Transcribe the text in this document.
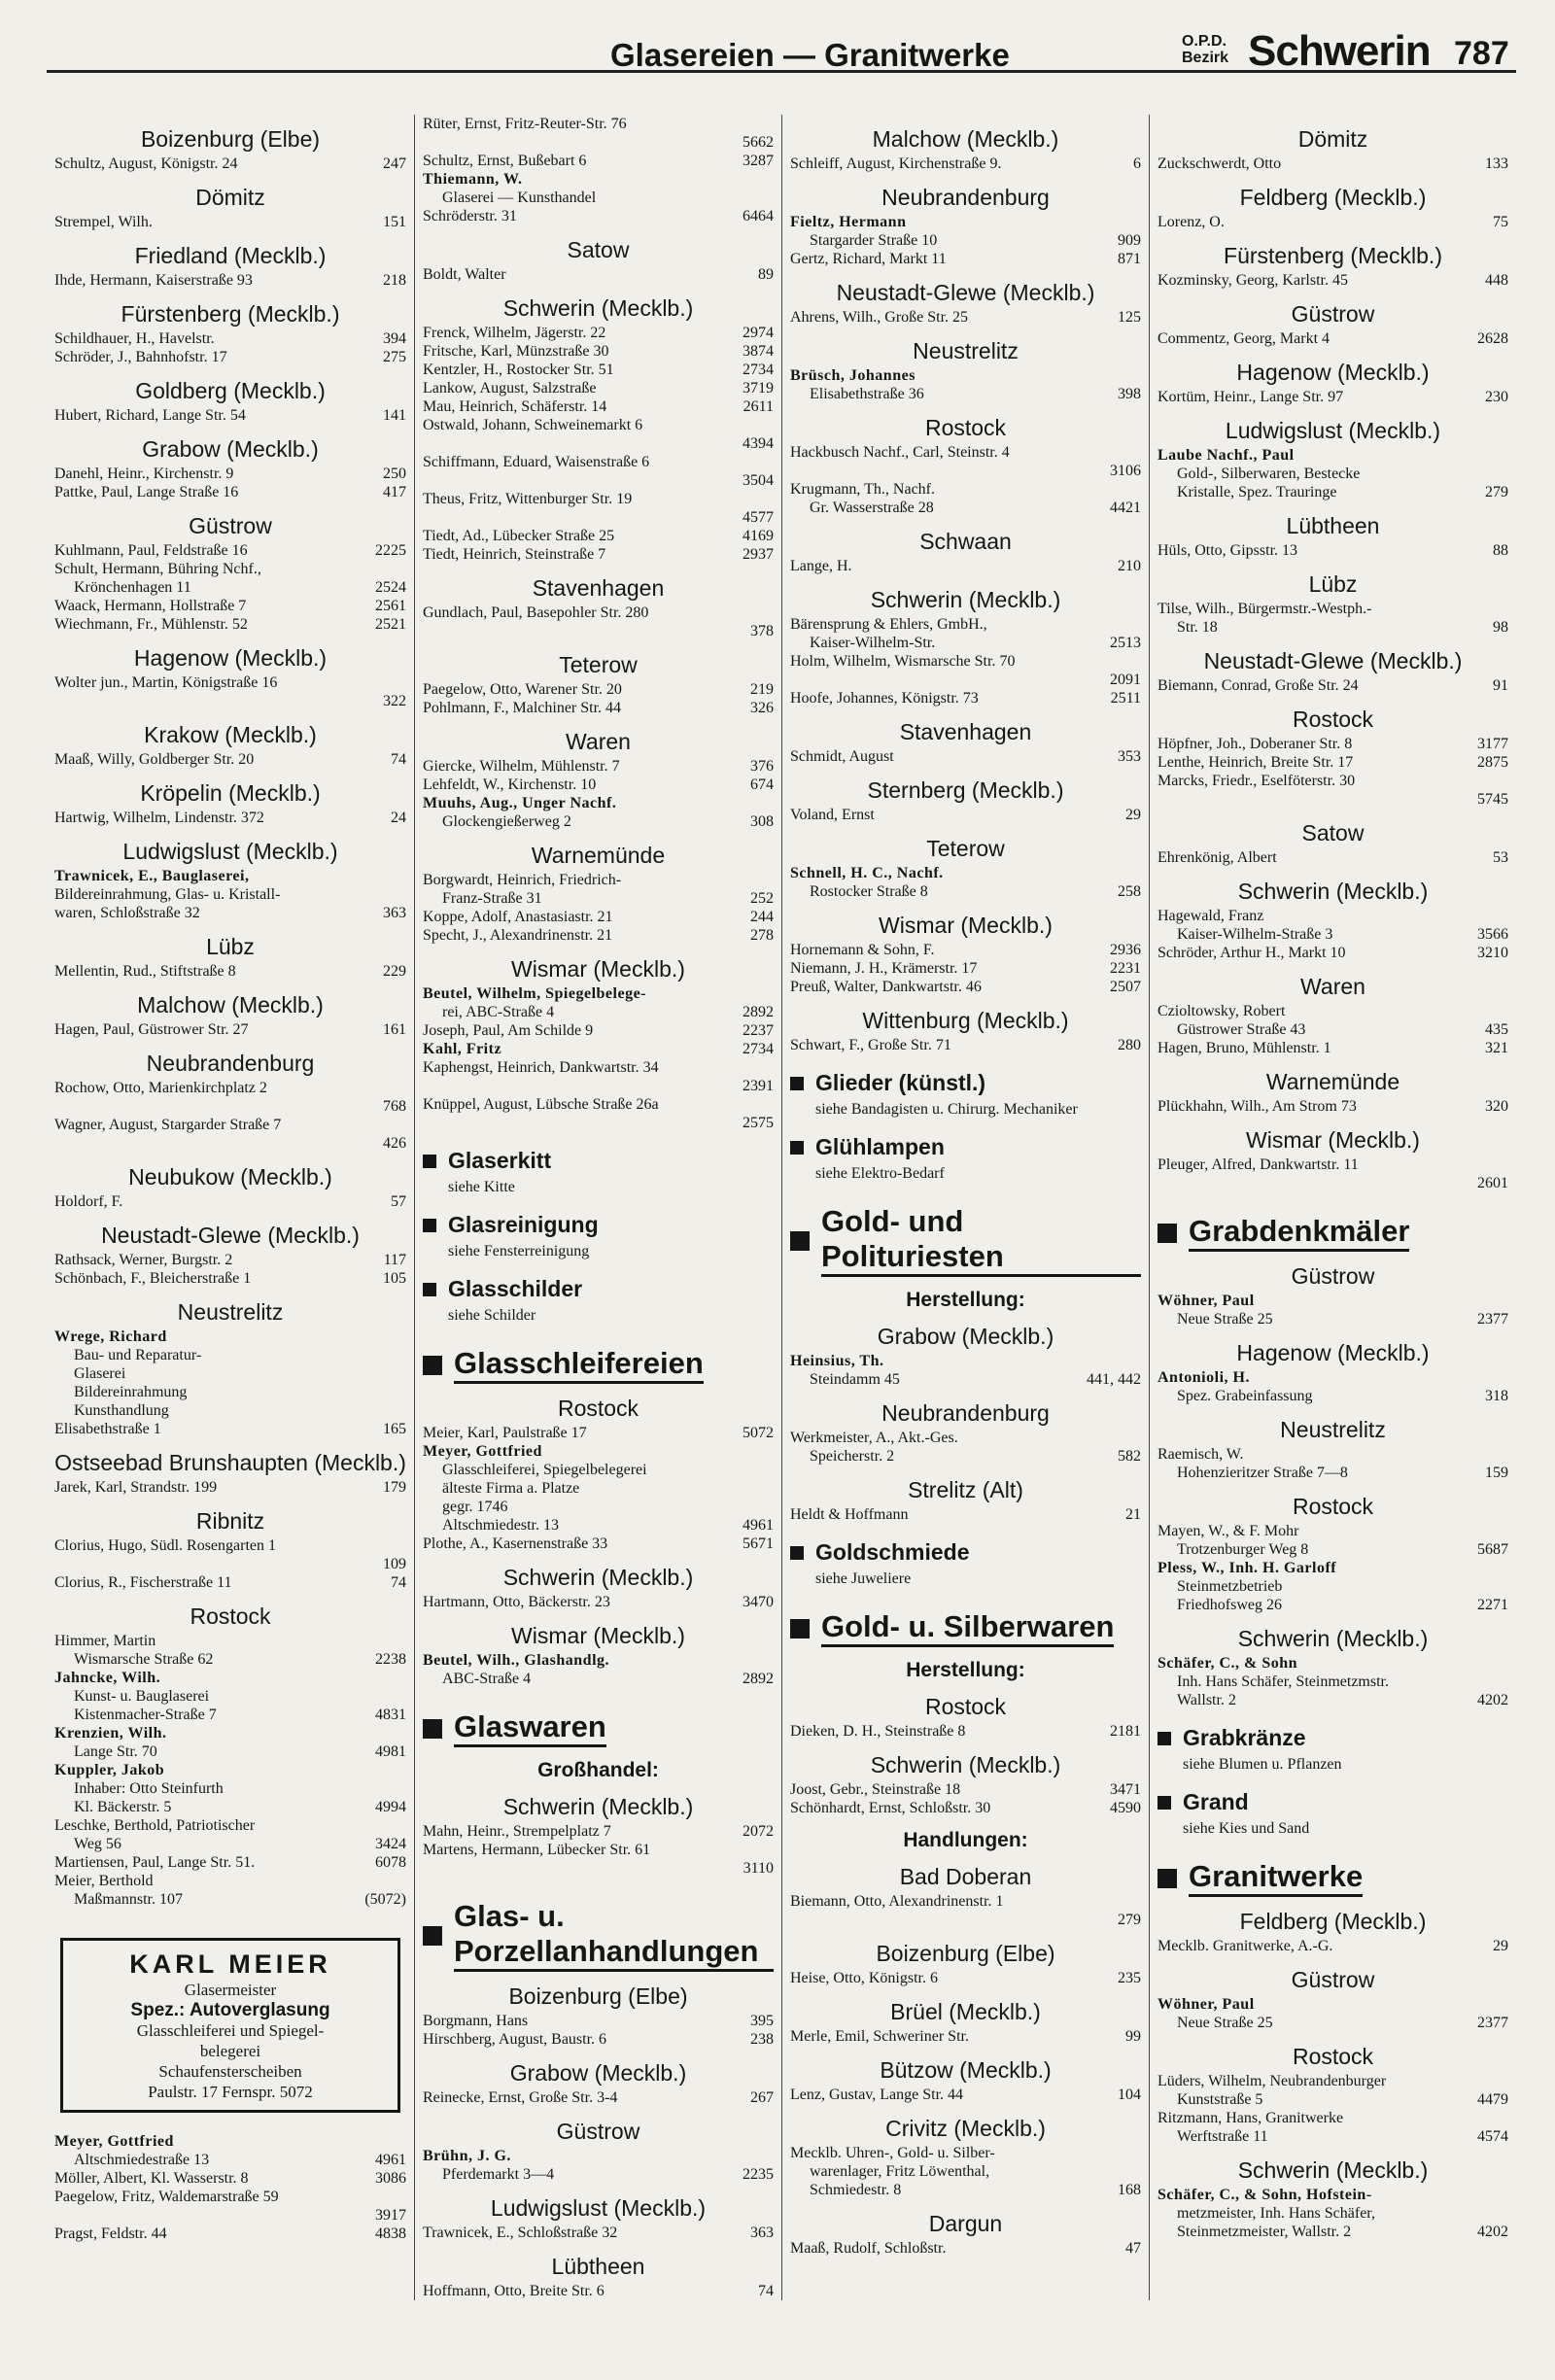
Glasereien — Granitwerke	O.P.D.
Bezirk Schwerin 787
Boizenburg (Elbe)
Schultz, August, Königstr. 24	247
Dömitz
Strempel, Wilh.	151
Friedland (Mecklb.)
Ihde, Hermann, Kaiserstraße 93	218
Fürstenberg (Mecklb.)
Schildhauer, H., Havelstr.	394
Schröder, J., Bahnhofstr. 17	275
Goldberg (Mecklb.)
Hubert, Richard, Lange Str. 54	141
Grabow (Mecklb.)
Danehl, Heinr., Kirchenstr. 9	250
Pattke, Paul, Lange Straße 16	417
Güstrow
Kuhlmann, Paul, Feldstraße 16	2225
Schult, Hermann, Bühring Nchf.,
Krönchenhagen 11	2524
Waack, Hermann, Hollstraße 7	2561
Wiechmann, Fr., Mühlenstr. 52	2521
Hagenow (Mecklb.)
Wolter jun., Martin, Königstraße 16
322
Krakow (Mecklb.)
Maaß, Willy, Goldberger Str. 20	74
Kröpelin (Mecklb.)
Hartwig, Wilhelm, Lindenstr. 372	24
Ludwigslust (Mecklb.)
Trawnicek, E., Bauglaserei,
Bildereinrahmung, Glas- u. Kristall-
waren, Schloßstraße 32	363
Lübz
Mellentin, Rud., Stiftstraße 8	229
Malchow (Mecklb.)
Hagen, Paul, Güstrower Str. 27	161
Neubrandenburg
Rochow, Otto, Marienkirchplatz 2
768
Wagner, August, Stargarder Straße 7
426
Neubukow (Mecklb.)
Holdorf, F.	57
Neustadt-Glewe (Mecklb.)
Rathsack, Werner, Burgstr. 2	117
Schönbach, F., Bleicherstraße 1	105
Neustrelitz
Wrege, Richard
Bau- und Reparatur-
Glaserei
Bildereinrahmung
Kunsthandlung
Elisabethstraße 1	165
Ostseebad Brunshaupten (Mecklb.)
Jarek, Karl, Strandstr. 199	179
Ribnitz
Clorius, Hugo, Südl. Rosengarten 1
109
Clorius, R., Fischerstraße 11	74
Rostock
Himmer, Martin
Wismarsche Straße 62	2238
Jahncke, Wilh.
Kunst- u. Bauglaserei
Kistenmacher-Straße 7	4831
Krenzien, Wilh.
Lange Str. 70	4981
Kuppler, Jakob
Inhaber: Otto Steinfurth
Kl. Bäckerstr. 5	4994
Leschke, Berthold, Patriotischer
Weg 56	3424
Martiensen, Paul, Lange Str. 51.	6078
Meier, Berthold
Maßmannstr. 107	(5072)
KARL MEIER
Glasermeister
Spez.: Autoverglasung
Glasschleiferei und Spiegel-
belegerei
Schaufensterscheiben
Paulstr. 17 Fernspr. 5072
Meyer, Gottfried
Altschmiedestraße 13	4961
Möller, Albert, Kl. Wasserstr. 8	3086
Paegelow, Fritz, Waldemarstraße 59
3917
Pragst, Feldstr. 44	4838
Rüter, Ernst, Fritz-Reuter-Str. 76
5662
Schultz, Ernst, Bußebart 6	3287
Thiemann, W.
Glaserei — Kunsthandel
Schröderstr. 31	6464
Satow
Boldt, Walter	89
Schwerin (Mecklb.)
Frenck, Wilhelm, Jägerstr. 22	2974
Fritsche, Karl, Münzstraße 30	3874
Kentzler, H., Rostocker Str. 51	2734
Lankow, August, Salzstraße	3719
Mau, Heinrich, Schäferstr. 14	2611
Ostwald, Johann, Schweinemarkt 6
4394
Schiffmann, Eduard, Waisenstraße 6
3504
Theus, Fritz, Wittenburger Str. 19
4577
Tiedt, Ad., Lübecker Straße 25	4169
Tiedt, Heinrich, Steinstraße 7	2937
Stavenhagen
Gundlach, Paul, Basepohler Str. 280
378
Teterow
Paegelow, Otto, Warener Str. 20	219
Pohlmann, F., Malchiner Str. 44	326
Waren
Giercke, Wilhelm, Mühlenstr. 7	376
Lehfeldt, W., Kirchenstr. 10	674
Muuhs, Aug., Unger Nachf.
Glockengießerweg 2	308
Warnemünde
Borgwardt, Heinrich, Friedrich-
Franz-Straße 31	252
Koppe, Adolf, Anastasiastr. 21	244
Specht, J., Alexandrinenstr. 21	278
Wismar (Mecklb.)
Beutel, Wilhelm, Spiegelbelege-
rei, ABC-Straße 4	2892
Joseph, Paul, Am Schilde 9	2237
Kahl, Fritz	2734
Kaphengst, Heinrich, Dankwartstr. 34
2391
Knüppel, August, Lübsche Straße 26a
2575
Glaserkitt
siehe Kitte
Glasreinigung
siehe Fensterreinigung
Glasschilder
siehe Schilder
Glasschleifereien
Rostock
Meier, Karl, Paulstraße 17	5072
Meyer, Gottfried
Glasschleiferei, Spiegelbelegerei
älteste Firma a. Platze
gegr. 1746
Altschmiedestr. 13	4961
Plothe, A., Kasernenstraße 33	5671
Schwerin (Mecklb.)
Hartmann, Otto, Bäckerstr. 23	3470
Wismar (Mecklb.)
Beutel, Wilh., Glashandlg.
ABC-Straße 4	2892
Glaswaren
Großhandel:
Schwerin (Mecklb.)
Mahn, Heinr., Strempelplatz 7	2072
Martens, Hermann, Lübecker Str. 61
3110
Glas- u. Porzellanhandlungen
Boizenburg (Elbe)
Borgmann, Hans	395
Hirschberg, August, Baustr. 6	238
Grabow (Mecklb.)
Reinecke, Ernst, Große Str. 3-4	267
Güstrow
Brühn, J. G.
Pferdemarkt 3—4	2235
Ludwigslust (Mecklb.)
Trawnicek, E., Schloßstraße 32	363
Lübtheen
Hoffmann, Otto, Breite Str. 6	74
Malchow (Mecklb.)
Schleiff, August, Kirchenstraße 9.	6
Neubrandenburg
Fieltz, Hermann
Stargarder Straße 10	909
Gertz, Richard, Markt 11	871
Neustadt-Glewe (Mecklb.)
Ahrens, Wilh., Große Str. 25	125
Neustrelitz
Brüsch, Johannes
Elisabethstraße 36	398
Rostock
Hackbusch Nachf., Carl, Steinstr. 4
3106
Krugmann, Th., Nachf.
Gr. Wasserstraße 28	4421
Schwaan
Lange, H.	210
Schwerin (Mecklb.)
Bärensprung & Ehlers, GmbH.,
Kaiser-Wilhelm-Str.	2513
Holm, Wilhelm, Wismarsche Str. 70
2091
Hoofe, Johannes, Königstr. 73	2511
Stavenhagen
Schmidt, August	353
Sternberg (Mecklb.)
Voland, Ernst	29
Teterow
Schnell, H. C., Nachf.
Rostocker Straße 8	258
Wismar (Mecklb.)
Hornemann & Sohn, F.	2936
Niemann, J. H., Krämerstr. 17	2231
Preuß, Walter, Dankwartstr. 46	2507
Wittenburg (Mecklb.)
Schwart, F., Große Str. 71	280
Glieder (künstl.)
siehe Bandagisten u. Chirurg. Mechaniker
Glühlampen
siehe Elektro-Bedarf
Gold- und Polituriesten
Herstellung:
Grabow (Mecklb.)
Heinsius, Th.
Steindamm 45	441, 442
Neubrandenburg
Werkmeister, A., Akt.-Ges.
Speicherstr. 2	582
Strelitz (Alt)
Heldt & Hoffmann	21
Goldschmiede
siehe Juweliere
Gold- u. Silberwaren
Herstellung:
Rostock
Dieken, D. H., Steinstraße 8	2181
Schwerin (Mecklb.)
Joost, Gebr., Steinstraße 18	3471
Schönhardt, Ernst, Schloßstr. 30	4590
Handlungen:
Bad Doberan
Biemann, Otto, Alexandrinenstr. 1
279
Boizenburg (Elbe)
Heise, Otto, Königstr. 6	235
Brüel (Mecklb.)
Merle, Emil, Schweriner Str.	99
Bützow (Mecklb.)
Lenz, Gustav, Lange Str. 44	104
Crivitz (Mecklb.)
Mecklb. Uhren-, Gold- u. Silber-
warenlager, Fritz Löwenthal,
Schmiedestr. 8	168
Dargun
Maaß, Rudolf, Schloßstr.	47
Dömitz
Zuckschwerdt, Otto	133
Feldberg (Mecklb.)
Lorenz, O.	75
Fürstenberg (Mecklb.)
Kozminsky, Georg, Karlstr. 45	448
Güstrow
Commentz, Georg, Markt 4	2628
Hagenow (Mecklb.)
Kortüm, Heinr., Lange Str. 97	230
Ludwigslust (Mecklb.)
Laube Nachf., Paul
Gold-, Silberwaren, Bestecke
Kristalle, Spez. Trauringe	279
Lübtheen
Hüls, Otto, Gipsstr. 13	88
Lübz
Tilse, Wilh., Bürgermstr.-Westph.-
Str. 18	98
Neustadt-Glewe (Mecklb.)
Biemann, Conrad, Große Str. 24	91
Rostock
Höpfner, Joh., Doberaner Str. 8	3177
Lenthe, Heinrich, Breite Str. 17	2875
Marcks, Friedr., Eselföterstr. 30
5745
Satow
Ehrenkönig, Albert	53
Schwerin (Mecklb.)
Hagewald, Franz
Kaiser-Wilhelm-Straße 3	3566
Schröder, Arthur H., Markt 10	3210
Waren
Czioltowsky, Robert
Güstrower Straße 43	435
Hagen, Bruno, Mühlenstr. 1	321
Warnemünde
Plückhahn, Wilh., Am Strom 73	320
Wismar (Mecklb.)
Pleuger, Alfred, Dankwartstr. 11
2601
Grabdenkmäler
Güstrow
Wöhner, Paul
Neue Straße 25	2377
Hagenow (Mecklb.)
Antonioli, H.
Spez. Grabeinfassung	318
Neustrelitz
Raemisch, W.
Hohenzieritzer Straße 7—8	159
Rostock
Mayen, W., & F. Mohr
Trotzenburger Weg 8	5687
Pless, W., Inh. H. Garloff
Steinmetzbetrieb
Friedhofsweg 26	2271
Schwerin (Mecklb.)
Schäfer, C., & Sohn
Inh. Hans Schäfer, Steinmetzmstr.
Wallstr. 2	4202
Grabkränze
siehe Blumen u. Pflanzen
Grand
siehe Kies und Sand
Granitwerke
Feldberg (Mecklb.)
Mecklb. Granitwerke, A.-G.	29
Güstrow
Wöhner, Paul
Neue Straße 25	2377
Rostock
Lüders, Wilhelm, Neubrandenburger
Kunststraße 5	4479
Ritzmann, Hans, Granitwerke
Werftstraße 11	4574
Schwerin (Mecklb.)
Schäfer, C., & Sohn, Hofstein-
metzmeister, Inh. Hans Schäfer,
Steinmetzmeister, Wallstr. 2	4202
